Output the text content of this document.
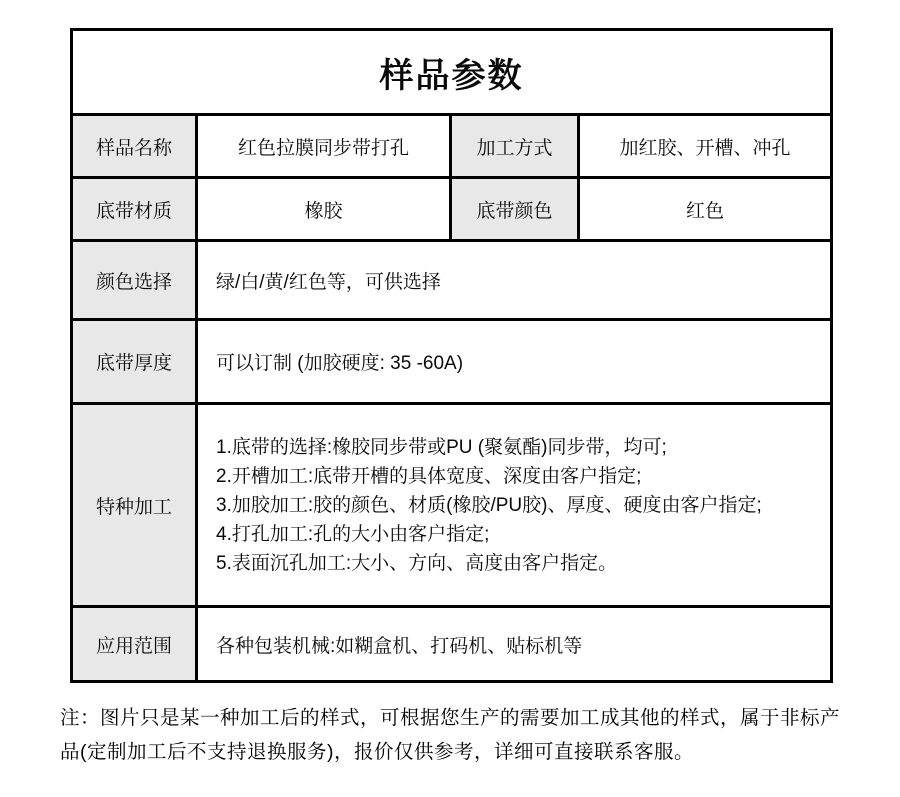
样品参数			
样品名称	红色拉膜同步带打孔	加工方式	加红胶、开槽、冲孔
底带材质	橡胶	底带颜色	红色
颜色选择	绿/白/黄/红色等，可供选择		
底带厚度	可以订制 (加胶硬度: 35 -60A)		
特种加工	1.底带的选择:橡胶同步带或PU (聚氨酯)同步带，均可;
2.开槽加工:底带开槽的具体宽度、深度由客户指定;
3.加胶加工:胶的颜色、材质(橡胶/PU胶)、厚度、硬度由客户指定;
4.打孔加工:孔的大小由客户指定;
5.表面沉孔加工:大小、方向、高度由客户指定。		

应用范围	各种包装机械:如糊盒机、打码机、贴标机等		
注：图片只是某一种加工后的样式，可根据您生产的需要加工成其他的样式，属于非标产品(定制加工后不支持退换服务)，报价仅供参考，详细可直接联系客服。
